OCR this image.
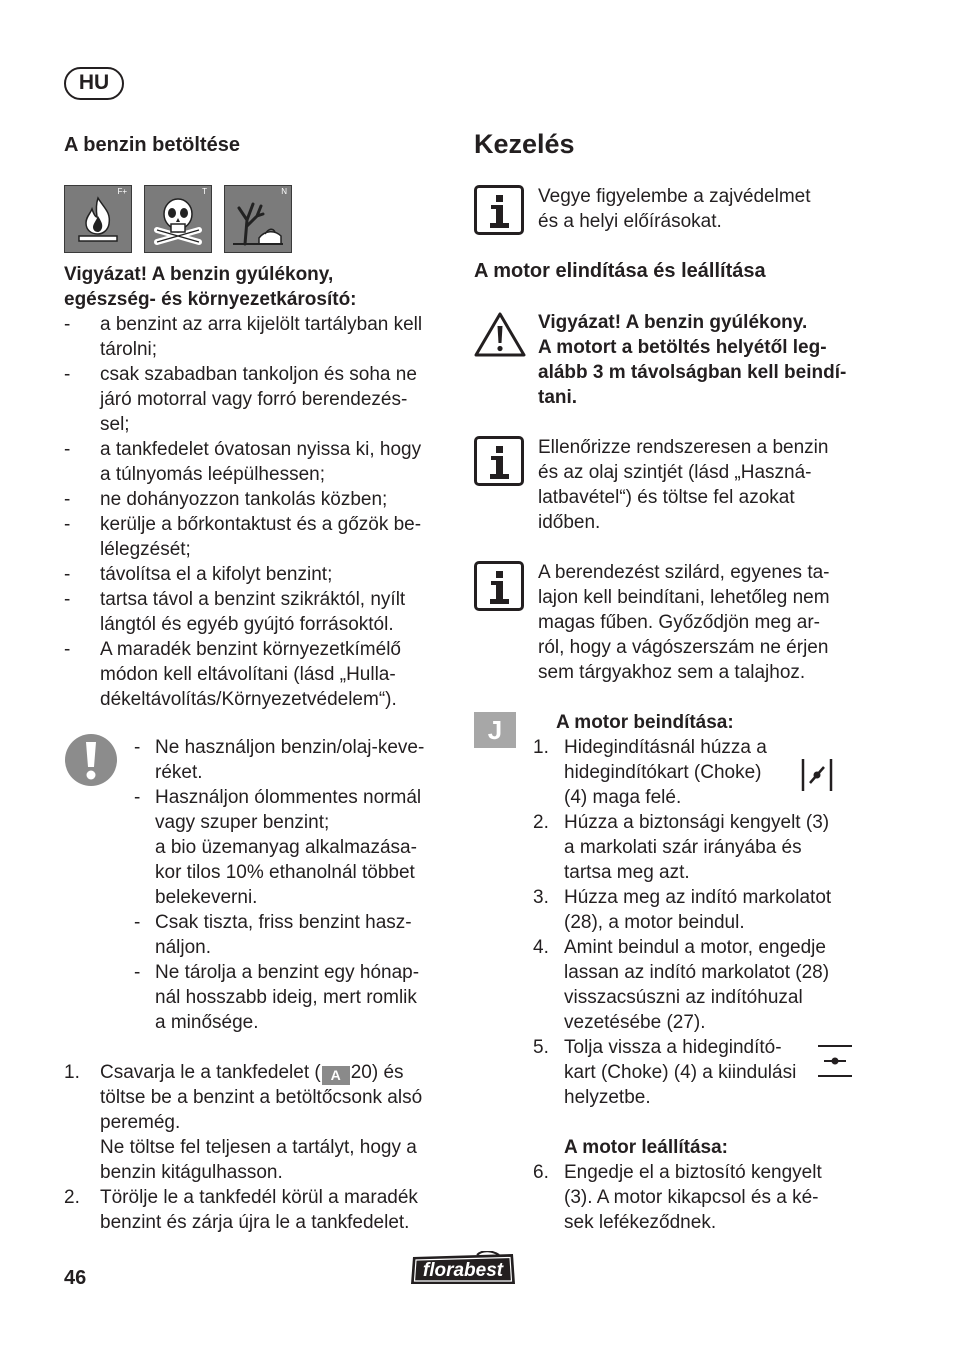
HU
A benzin betöltése
F+	T	N
Vigyázat! A benzin gyúlékony,
egészség- és környezetkárosító:
- a benzint az arra kijelölt tartályban kell
tárolni;
- csak szabadban tankoljon és soha ne
járó motorral vagy forró berendezés-
sel;
- a tankfedelet óvatosan nyissa ki, hogy
a túlnyomás leépülhessen;
- ne dohányozzon tankolás közben;
- kerülje a bőrkontaktust és a gőzök be-
lélegzését;
- távolítsa el a kifolyt benzint;
- tartsa távol a benzint szikráktól, nyílt
lángtól és egyéb gyújtó forrásoktól.
- A maradék benzint környezetkímélő
módon kell eltávolítani (lásd „Hulla-
dékeltávolítás/Környezetvédelem“).
- Ne használjon benzin/olaj-keve-
réket.
- Használjon ólommentes normál
vagy szuper benzint;
a bio üzemanyag alkalmazása-
kor tilos 10% ethanolnál többet
belekeverni.
- Csak tiszta, friss benzint hasz-
náljon.
- Ne tárolja a benzint egy hónap-
nál hosszabb ideig, mert romlik
a minősége.
1. Csavarja le a tankfedelet ( A 20) és
töltse be a benzint a betöltőcsonk alsó
peremég.
Ne töltse fel teljesen a tartályt, hogy a
benzin kitágulhasson.
2. Törölje le a tankfedél körül a maradék
benzint és zárja újra le a tankfedelet.
Kezelés
Vegye figyelembe a zajvédelmet
és a helyi előírásokat.
A motor elindítása és leállítása
Vigyázat! A benzin gyúlékony.
A motort a betöltés helyétől leg-
alább 3 m távolságban kell beindí-
tani.
Ellenőrizze rendszeresen a benzin
és az olaj szintjét (lásd „Haszná-
latbavétel“) és töltse fel azokat
időben.
A berendezést szilárd, egyenes ta-
lajon kell beindítani, lehetőleg nem
magas fűben. Győződjön meg ar-
ról, hogy a vágószerszám ne érjen
sem tárgyakhoz sem a talajhoz.
J	A motor beindítása:
1. Hidegindításnál húzza a
hidegindítókart (Choke)
(4) maga felé.
2. Húzza a biztonsági kengyelt (3)
a markolati szár irányába és
tartsa meg azt.
3. Húzza meg az indító markolatot
(28), a motor beindul.
4. Amint beindul a motor, engedje
lassan az indító markolatot (28)
visszacsúszni az indítóhuzal
vezetésébe (27).
5. Tolja vissza a hidegindító-
kart (Choke) (4) a kiindulási
helyzetbe.
A motor leállítása:
6. Engedje el a biztosító kengyelt
(3). A motor kikapcsol és a ké-
sek lefékeződnek.
46	florabest
